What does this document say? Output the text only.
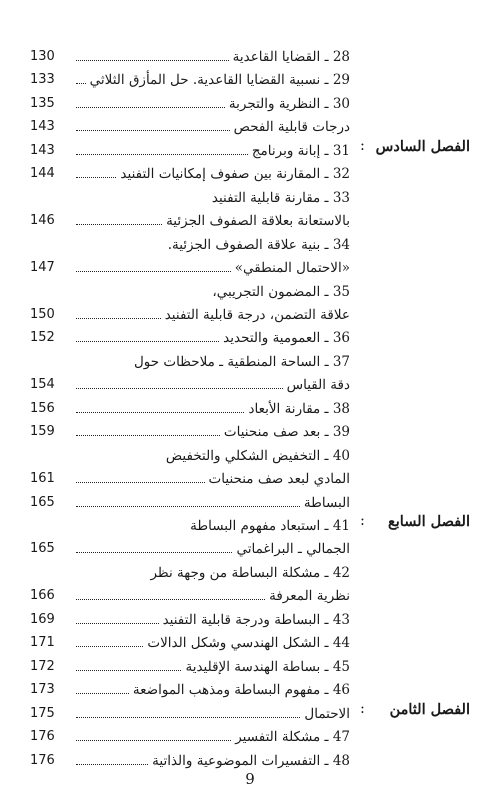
28 ـ القضايا القاعدية
130
29 ـ نسبية القضايا القاعدية. حل المأزق الثلاثي
133
30 ـ النظرية والتجربة
135
درجات قابلية الفحص
143
31 ـ إبانة وبرنامج
143
32 ـ المقارنة بين صفوف إمكانيات التفنيد
144
33 ـ مقارنة قابلية التفنيد
بالاستعانة بعلاقة الصفوف الجزئية
146
34 ـ بنية علاقة الصفوف الجزئية.
«الاحتمال المنطقي»
147
35 ـ المضمون التجريبي،
علاقة التضمن، درجة قابلية التفنيد
150
36 ـ العمومية والتحديد
152
37 ـ الساحة المنطقية ـ ملاحظات حول
دقة القياس
154
38 ـ مقارنة الأبعاد
156
39 ـ بعد صف منحنيات
159
40 ـ التخفيض الشكلي والتخفيض
المادي لبعد صف منحنيات
161
البساطة
165
41 ـ استبعاد مفهوم البساطة
الجمالي ـ البراغماتي
165
42 ـ مشكلة البساطة من وجهة نظر
نظرية المعرفة
166
43 ـ البساطة ودرجة قابلية التفنيد
169
44 ـ الشكل الهندسي وشكل الدالات
171
45 ـ بساطة الهندسة الإقليدية
172
46 ـ مفهوم البساطة ومذهب المواضعة
173
الاحتمال
175
47 ـ مشكلة التفسير
176
48 ـ التفسيرات الموضوعية والذاتية
176
الفصل السادس
:
الفصل السابع
:
الفصل الثامن
:
9
